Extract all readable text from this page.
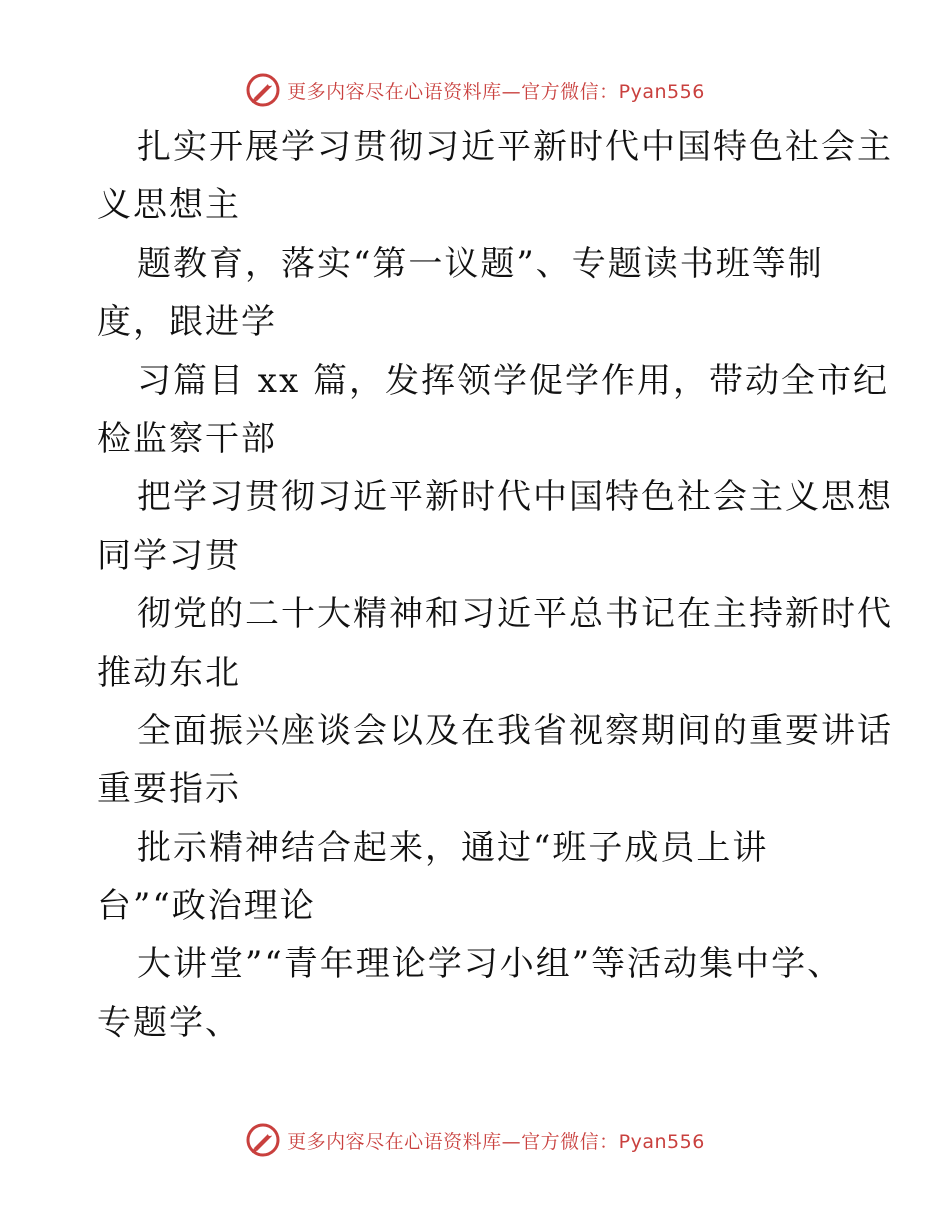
更多内容尽在心语资料库—官方微信：Pyan556
扎实开展学习贯彻习近平新时代中国特色社会主
义思想主
题教育，落实“第一议题”、专题读书班等制
度，跟进学
习篇目 xx 篇，发挥领学促学作用，带动全市纪
检监察干部
把学习贯彻习近平新时代中国特色社会主义思想
同学习贯
彻党的二十大精神和习近平总书记在主持新时代
推动东北
全面振兴座谈会以及在我省视察期间的重要讲话
重要指示
批示精神结合起来，通过“班子成员上讲
台”“政治理论
大讲堂”“青年理论学习小组”等活动集中学、
专题学、
更多内容尽在心语资料库—官方微信：Pyan556
